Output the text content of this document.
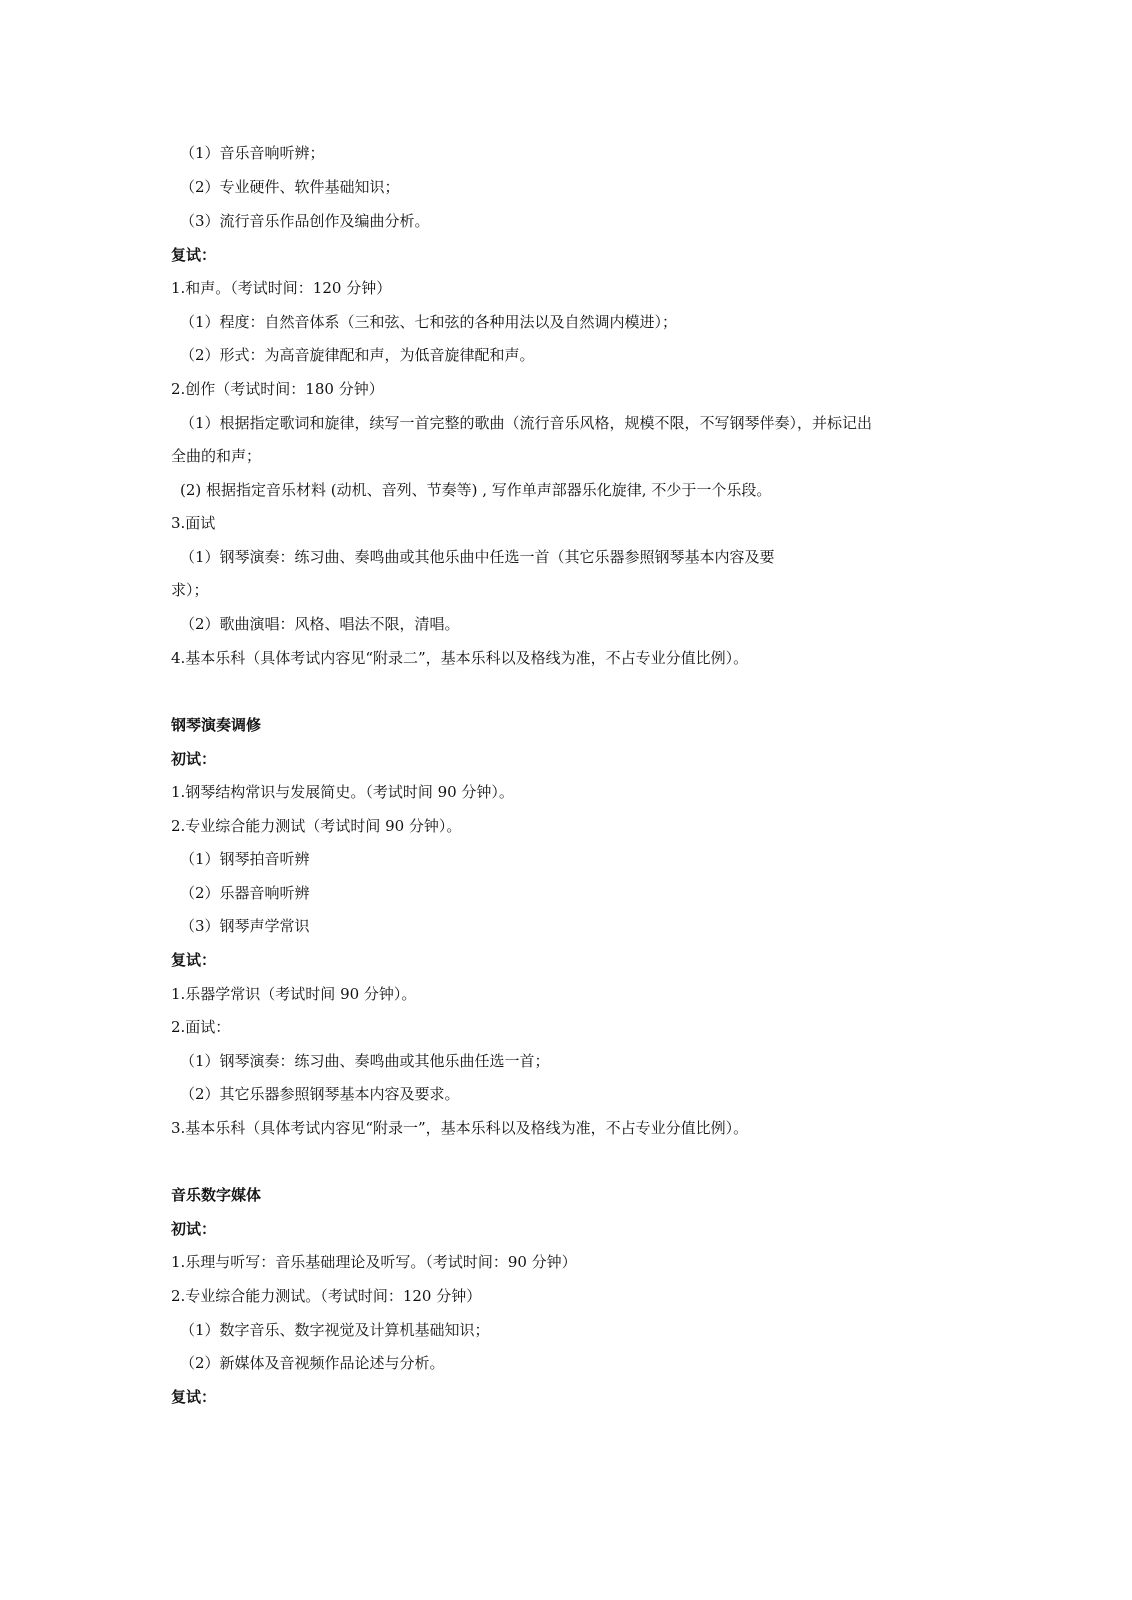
（1）音乐音响听辨；
（2）专业硬件、软件基础知识；
（3）流行音乐作品创作及编曲分析。
复试：
1.和声。（考试时间：120 分钟）
（1）程度：自然音体系（三和弦、七和弦的各种用法以及自然调内模进）；
（2）形式：为高音旋律配和声，为低音旋律配和声。
2.创作（考试时间：180 分钟）
（1）根据指定歌词和旋律，续写一首完整的歌曲（流行音乐风格，规模不限，不写钢琴伴奏），并标记出
全曲的和声；
(2) 根据指定音乐材料 (动机、音列、节奏等) , 写作单声部器乐化旋律, 不少于一个乐段。
3.面试
（1）钢琴演奏：练习曲、奏鸣曲或其他乐曲中任选一首（其它乐器参照钢琴基本内容及要
求）；
（2）歌曲演唱：风格、唱法不限，清唱。
4.基本乐科（具体考试内容见“附录二”，基本乐科以及格线为准，不占专业分值比例）。
钢琴演奏调修
初试：
1.钢琴结构常识与发展简史。（考试时间 90 分钟）。
2.专业综合能力测试（考试时间 90 分钟）。
（1）钢琴拍音听辨
（2）乐器音响听辨
（3）钢琴声学常识
复试：
1.乐器学常识（考试时间 90 分钟）。
2.面试：
（1）钢琴演奏：练习曲、奏鸣曲或其他乐曲任选一首；
（2）其它乐器参照钢琴基本内容及要求。
3.基本乐科（具体考试内容见“附录一”，基本乐科以及格线为准，不占专业分值比例）。
音乐数字媒体
初试：
1.乐理与听写：音乐基础理论及听写。（考试时间：90 分钟）
2.专业综合能力测试。（考试时间：120 分钟）
（1）数字音乐、数字视觉及计算机基础知识；
（2）新媒体及音视频作品论述与分析。
复试：
